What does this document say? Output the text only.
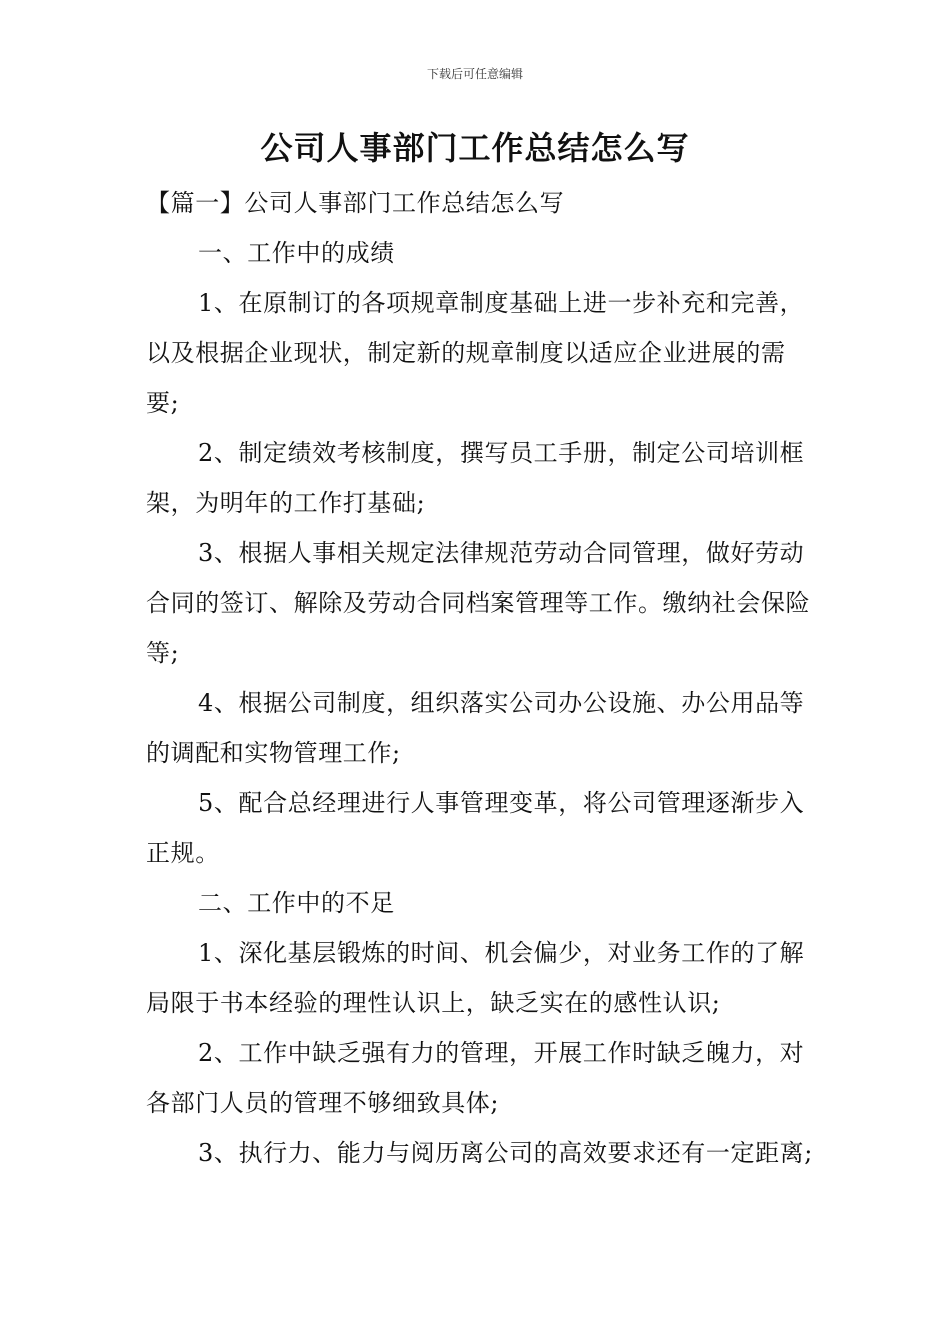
下载后可任意编辑
公司人事部门工作总结怎么写

【篇一】公司人事部门工作总结怎么写

一、工作中的成绩

1、在原制订的各项规章制度基础上进一步补充和完善，以及根据企业现状，制定新的规章制度以适应企业进展的需要;

2、制定绩效考核制度，撰写员工手册，制定公司培训框架，为明年的工作打基础;

3、根据人事相关规定法律规范劳动合同管理，做好劳动合同的签订、解除及劳动合同档案管理等工作。缴纳社会保险等;

4、根据公司制度，组织落实公司办公设施、办公用品等的调配和实物管理工作;

5、配合总经理进行人事管理变革，将公司管理逐渐步入正规。

二、工作中的不足

1、深化基层锻炼的时间、机会偏少，对业务工作的了解局限于书本经验的理性认识上，缺乏实在的感性认识;

2、工作中缺乏强有力的管理，开展工作时缺乏魄力，对各部门人员的管理不够细致具体;

3、执行力、能力与阅历离公司的高效要求还有一定距离;
